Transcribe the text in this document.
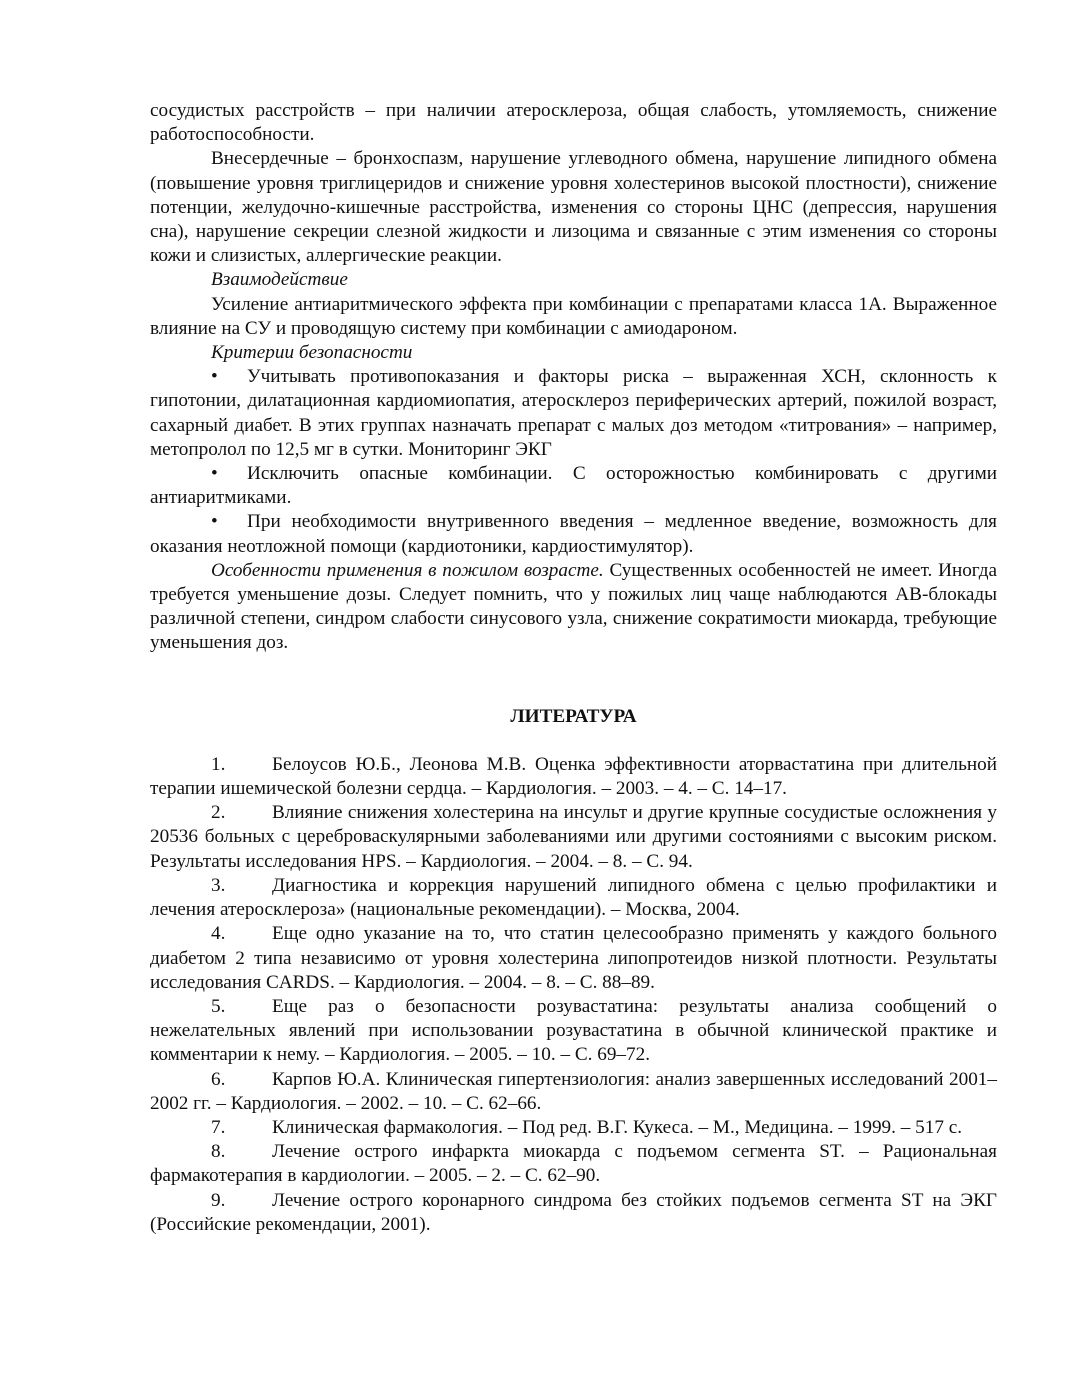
сосудистых расстройств – при наличии атеросклероза, общая слабость, утомляемость, снижение работоспособности.

Внесердечные – бронхоспазм, нарушение углеводного обмена, нарушение липидного обмена (повышение уровня триглицеридов и снижение уровня холестеринов высокой плостности), снижение потенции, желудочно-кишечные расстройства, изменения со стороны ЦНС (депрессия, нарушения сна), нарушение секреции слезной жидкости и лизоцима и связанные с этим изменения со стороны кожи и слизистых, аллергические реакции.

Взаимодействие

Усиление антиаритмического эффекта при комбинации с препаратами класса 1А. Выраженное влияние на СУ и проводящую систему при комбинации с амиодароном.

Критерии безопасности

• Учитывать противопоказания и факторы риска – выраженная ХСН, склонность к гипотонии, дилатационная кардиомиопатия, атеросклероз периферических артерий, пожилой возраст, сахарный диабет. В этих группах назначать препарат с малых доз методом «титрования» – например, метопролол по 12,5 мг в сутки. Мониторинг ЭКГ

• Исключить опасные комбинации. С осторожностью комбинировать с другими антиаритмиками.

• При необходимости внутривенного введения – медленное введение, возможность для оказания неотложной помощи (кардиотоники, кардиостимулятор).

Особенности применения в пожилом возрасте. Существенных особенностей не имеет. Иногда требуется уменьшение дозы. Следует помнить, что у пожилых лиц чаще наблюдаются АВ-блокады различной степени, синдром слабости синусового узла, снижение сократимости миокарда, требующие уменьшения доз.

ЛИТЕРАТУРА

1. Белоусов Ю.Б., Леонова М.В. Оценка эффективности аторвастатина при длительной терапии ишемической болезни сердца. – Кардиология. – 2003. – 4. – С. 14–17.

2. Влияние снижения холестерина на инсульт и другие крупные сосудистые осложнения у 20536 больных с цереброваскулярными заболеваниями или другими состояниями с высоким риском. Результаты исследования HPS. – Кардиология. – 2004. – 8. – С. 94.

3. Диагностика и коррекция нарушений липидного обмена с целью профилактики и лечения атеросклероза» (национальные рекомендации). – Москва, 2004.

4. Еще одно указание на то, что статин целесообразно применять у каждого больного диабетом 2 типа независимо от уровня холестерина липопротеидов низкой плотности. Результаты исследования CARDS. – Кардиология. – 2004. – 8. – С. 88–89.

5. Еще раз о безопасности розувастатина: результаты анализа сообщений о нежелательных явлений при использовании розувастатина в обычной клинической практике и комментарии к нему. – Кардиология. – 2005. – 10. – С. 69–72.

6. Карпов Ю.А. Клиническая гипертензиология: анализ завершенных исследований 2001–2002 гг. – Кардиология. – 2002. – 10. – С. 62–66.

7. Клиническая фармакология. – Под ред. В.Г. Кукеса. – М., Медицина. – 1999. – 517 с.

8. Лечение острого инфаркта миокарда с подъемом сегмента ST. – Рациональная фармакотерапия в кардиологии. – 2005. – 2. – С. 62–90.

9. Лечение острого коронарного синдрома без стойких подъемов сегмента ST на ЭКГ (Российские рекомендации, 2001).
